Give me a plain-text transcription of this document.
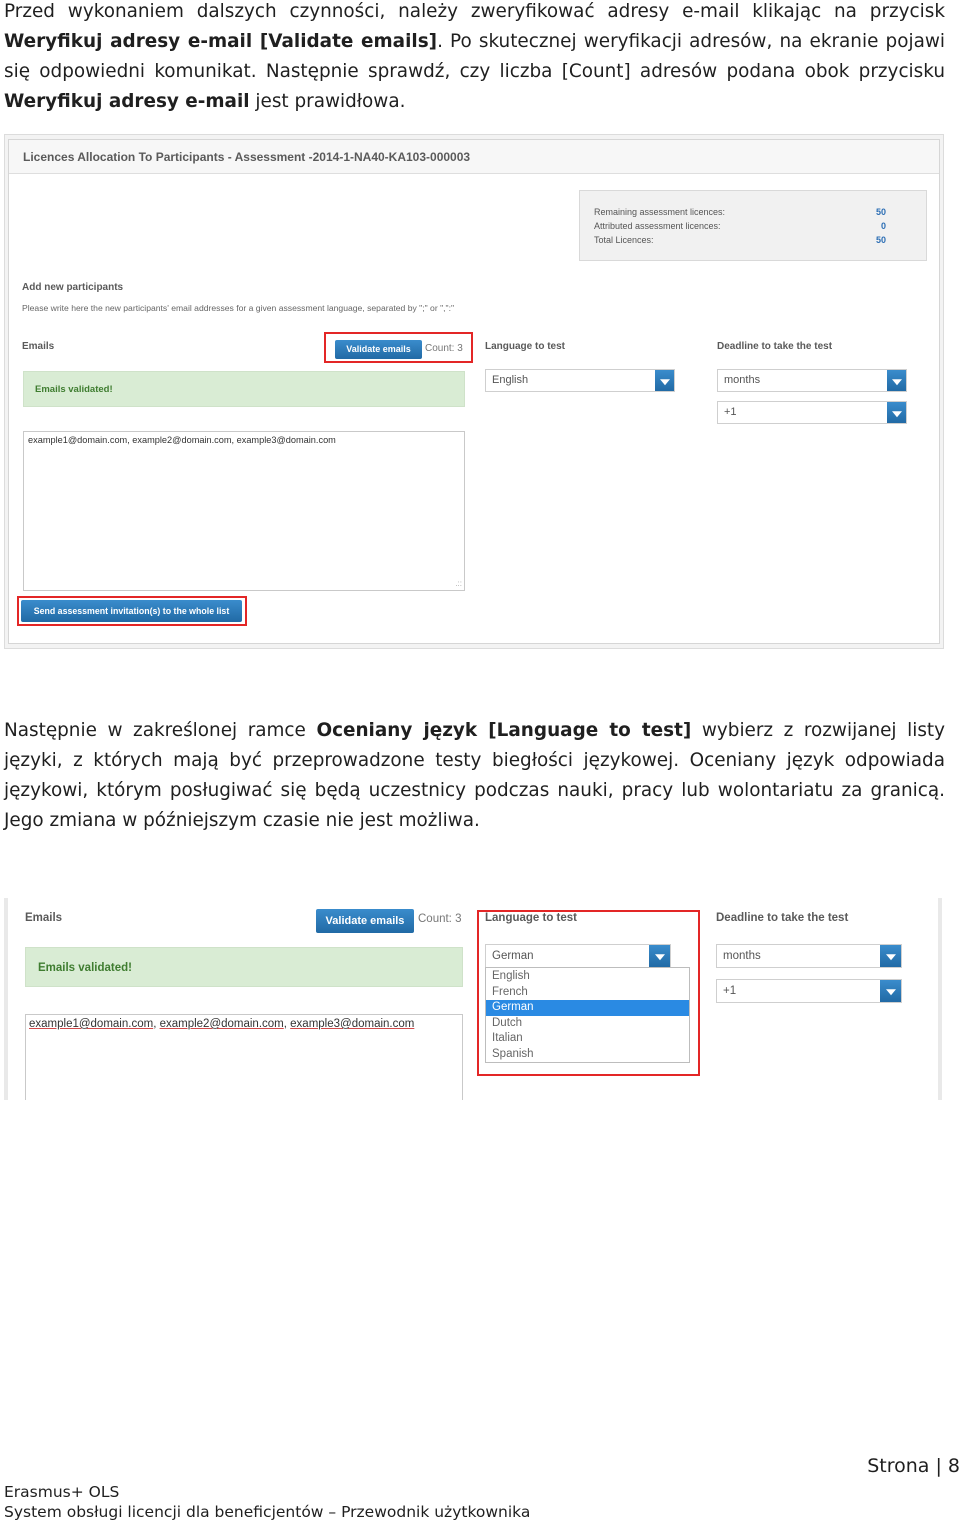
Przed wykonaniem dalszych czynności, należy zweryfikować adresy e-mail klikając na przycisk Weryfikuj adresy e-mail [Validate emails]. Po skutecznej weryfikacji adresów, na ekranie pojawi się odpowiedni komunikat. Następnie sprawdź, czy liczba [Count] adresów podana obok przycisku Weryfikuj adresy e-mail jest prawidłowa.

Licences Allocation To Participants - Assessment -2014-1-NA40-KA103-000003
Remaining assessment licences:	50
Attributed assessment licences:	0
Total Licences:	50
Add new participants
Please write here the new participants' email addresses for a given assessment language, separated by ";" or ",":"
Emails	Validate emails	Count: 3 Language to test	Deadline to take the test
Emails validated!
English	months
+1
example1@domain.com, example2@domain.com, example3@domain.com
.::
Send assessment invitation(s) to the whole list

Następnie w zakreślonej ramce Oceniany język [Language to test] wybierz z rozwijanej listy języki, z których mają być przeprowadzone testy biegłości językowej. Oceniany język odpowiada językowi, którym posługiwać się będą uczestnicy podczas nauki, pracy lub wolontariatu za granicą. Jego zmiana w późniejszym czasie nie jest możliwa.

Emails	Validate emails	Count: 3 Language to test	Deadline to take the test
Emails validated!
German
English
French
German
Dutch
Italian
Spanish
months
+1
example1@domain.com, example2@domain.com, example3@domain.com
Strona | 8
Erasmus+ OLS
System obsługi licencji dla beneficjentów – Przewodnik użytkownika
